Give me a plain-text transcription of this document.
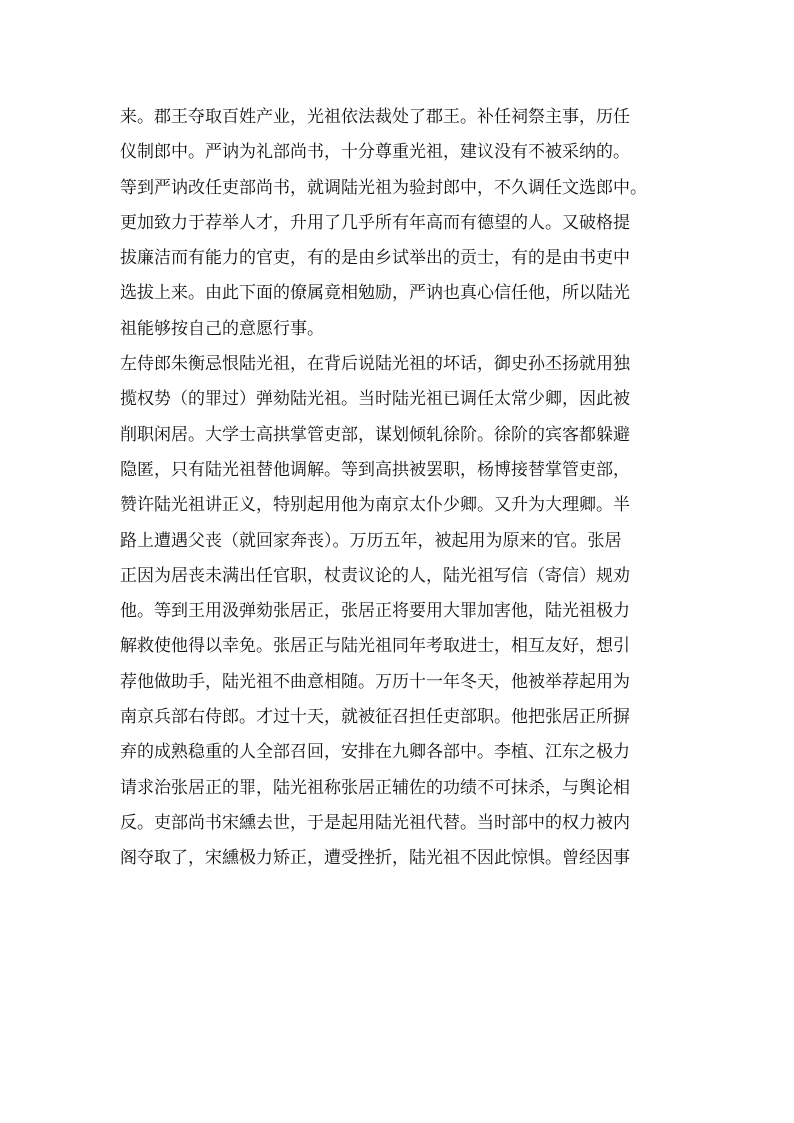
来。郡王夺取百姓产业，光祖依法裁处了郡王。补任祠祭主事，历任
仪制郎中。严讷为礼部尚书，十分尊重光祖，建议没有不被采纳的。
等到严讷改任吏部尚书，就调陆光祖为验封郎中，不久调任文选郎中。
更加致力于荐举人才，升用了几乎所有年高而有德望的人。又破格提
拔廉洁而有能力的官吏，有的是由乡试举出的贡士，有的是由书吏中
选拔上来。由此下面的僚属竟相勉励，严讷也真心信任他，所以陆光
祖能够按自己的意愿行事。
左侍郎朱衡忌恨陆光祖，在背后说陆光祖的坏话，御史孙丕扬就用独
揽权势（的罪过）弹劾陆光祖。当时陆光祖已调任太常少卿，因此被
削职闲居。大学士高拱掌管吏部，谋划倾轧徐阶。徐阶的宾客都躲避
隐匿，只有陆光祖替他调解。等到高拱被罢职，杨博接替掌管吏部，
赞许陆光祖讲正义，特别起用他为南京太仆少卿。又升为大理卿。半
路上遭遇父丧（就回家奔丧）。万历五年，被起用为原来的官。张居
正因为居丧未满出任官职，杖责议论的人，陆光祖写信（寄信）规劝
他。等到王用汲弹劾张居正，张居正将要用大罪加害他，陆光祖极力
解救使他得以幸免。张居正与陆光祖同年考取进士，相互友好，想引
荐他做助手，陆光祖不曲意相随。万历十一年冬天，他被举荐起用为
南京兵部右侍郎。才过十天，就被征召担任吏部职。他把张居正所摒
弃的成熟稳重的人全部召回，安排在九卿各部中。李植、江东之极力
请求治张居正的罪，陆光祖称张居正辅佐的功绩不可抹杀，与舆论相
反。吏部尚书宋纁去世，于是起用陆光祖代替。当时部中的权力被内
阁夺取了，宋纁极力矫正，遭受挫折，陆光祖不因此惊惧。曾经因事
